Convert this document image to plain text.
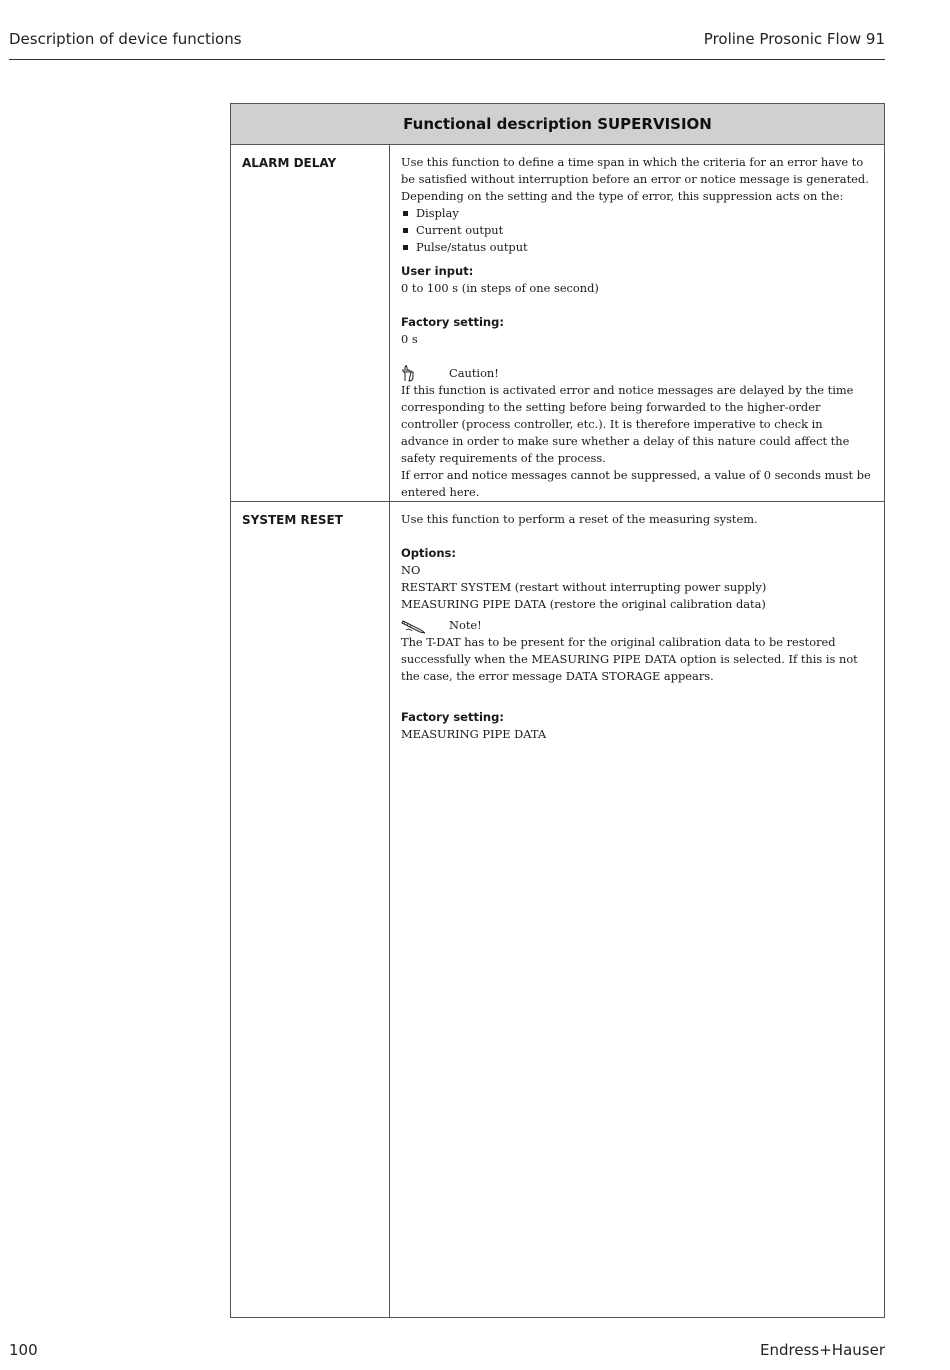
Description of device functions	Proline Prosonic Flow 91
Functional description SUPERVISION
ALARM DELAY	Use this function to define a time span in which the criteria for an error have to be satisfied without interruption before an error or notice message is generated.

Depending on the setting and the type of error, this suppression acts on the:

Display
Current output
Pulse/status output

User input:

0 to 100 s (in steps of one second)

Factory setting:

0 s

Caution!

If this function is activated error and notice messages are delayed by the time corresponding to the setting before being forwarded to the higher-order controller (process controller, etc.). It is therefore imperative to check in advance in order to make sure whether a delay of this nature could affect the safety requirements of the process.

If error and notice messages cannot be suppressed, a value of 0 seconds must be entered here.

SYSTEM RESET	Use this function to perform a reset of the measuring system.

Options:

NO

RESTART SYSTEM (restart without interrupting power supply)

MEASURING PIPE DATA (restore the original calibration data)

Note!

The T-DAT has to be present for the original calibration data to be restored successfully when the MEASURING PIPE DATA option is selected. If this is not the case, the error message DATA STORAGE appears.

Factory setting:

MEASURING PIPE DATA

100	Endress+Hauser
